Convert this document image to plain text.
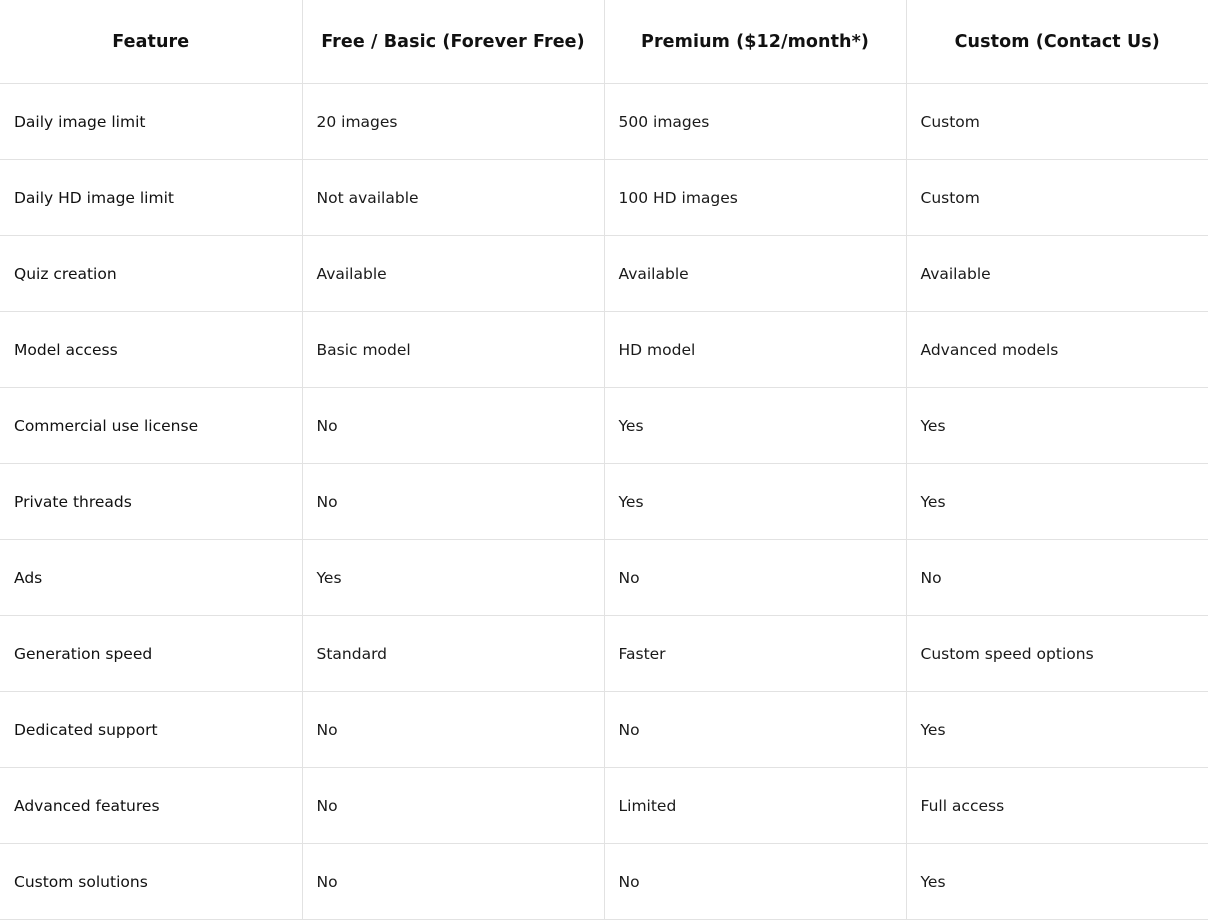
Feature	Free / Basic (Forever Free)	Premium ($12/month*)	Custom (Contact Us)
Daily image limit	20 images	500 images	Custom
Daily HD image limit	Not available	100 HD images	Custom
Quiz creation	Available	Available	Available
Model access	Basic model	HD model	Advanced models
Commercial use license	No	Yes	Yes
Private threads	No	Yes	Yes
Ads	Yes	No	No
Generation speed	Standard	Faster	Custom speed options
Dedicated support	No	No	Yes
Advanced features	No	Limited	Full access
Custom solutions	No	No	Yes
